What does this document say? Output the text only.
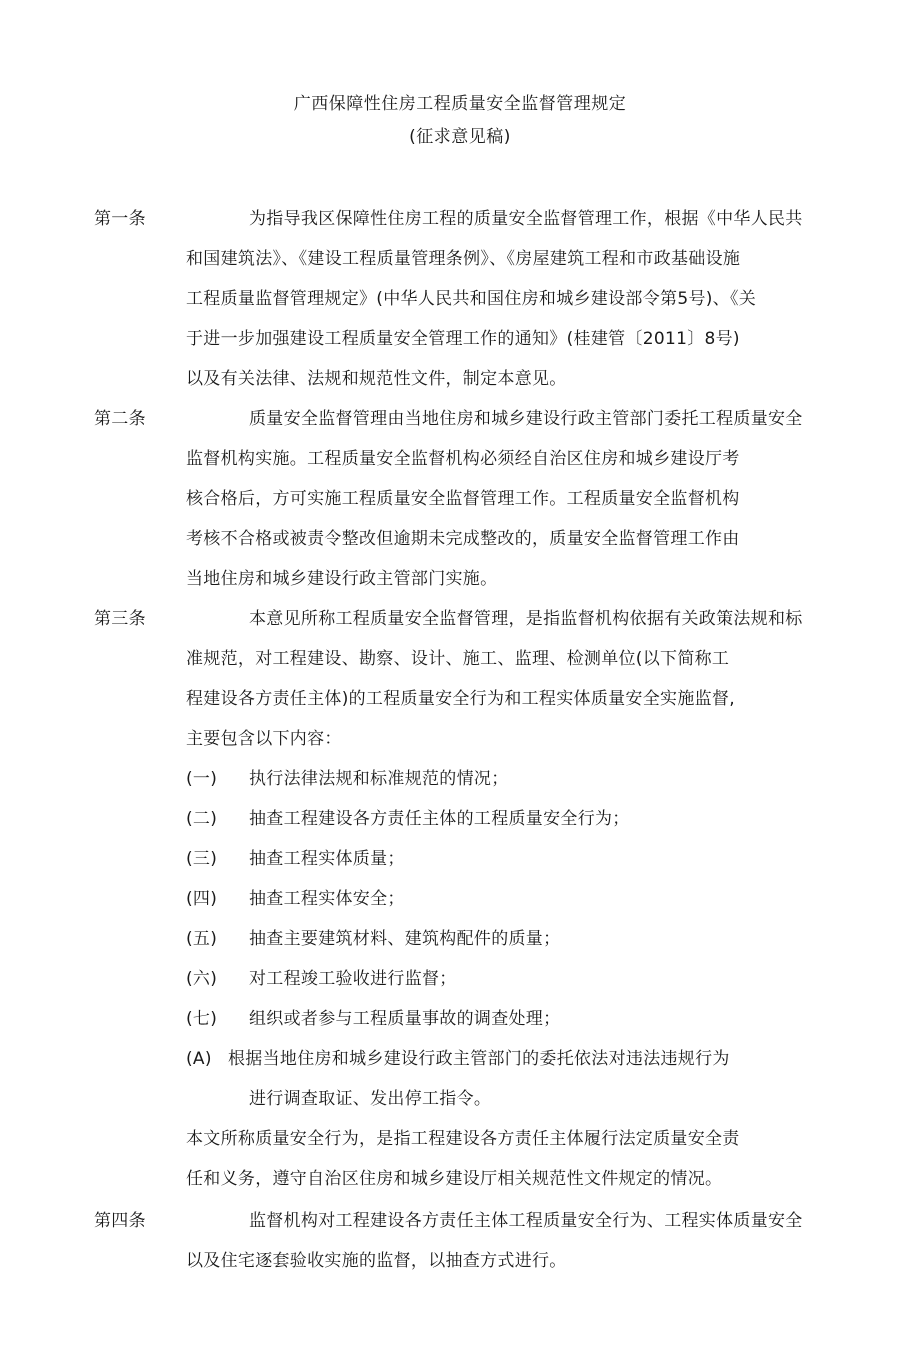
广西保障性住房工程质量安全监督管理规定
(征求意见稿)
第一条	为指导我区保障性住房工程的质量安全监督管理工作，根据《中华人民共
和国建筑法》、《建设工程质量管理条例》、《房屋建筑工程和市政基础设施
工程质量监督管理规定》(中华人民共和国住房和城乡建设部令第5号)、《关
于进一步加强建设工程质量安全管理工作的通知》(桂建管〔2011〕8号)
以及有关法律、法规和规范性文件，制定本意见。
第二条	质量安全监督管理由当地住房和城乡建设行政主管部门委托工程质量安全
监督机构实施。工程质量安全监督机构必须经自治区住房和城乡建设厅考
核合格后，方可实施工程质量安全监督管理工作。工程质量安全监督机构
考核不合格或被责令整改但逾期未完成整改的，质量安全监督管理工作由
当地住房和城乡建设行政主管部门实施。
第三条	本意见所称工程质量安全监督管理，是指监督机构依据有关政策法规和标
准规范，对工程建设、勘察、设计、施工、监理、检测单位(以下简称工
程建设各方责任主体)的工程质量安全行为和工程实体质量安全实施监督,
主要包含以下内容：
(一) 执行法律法规和标准规范的情况；
(二) 抽查工程建设各方责任主体的工程质量安全行为；
(三) 抽查工程实体质量；
(四) 抽查工程实体安全；
(五) 抽查主要建筑材料、建筑构配件的质量；
(六) 对工程竣工验收进行监督；
(七) 组织或者参与工程质量事故的调查处理；
(A) 根据当地住房和城乡建设行政主管部门的委托依法对违法违规行为
进行调查取证、发出停工指令。
本文所称质量安全行为，是指工程建设各方责任主体履行法定质量安全责
任和义务，遵守自治区住房和城乡建设厅相关规范性文件规定的情况。
第四条	监督机构对工程建设各方责任主体工程质量安全行为、工程实体质量安全
以及住宅逐套验收实施的监督，以抽查方式进行。
